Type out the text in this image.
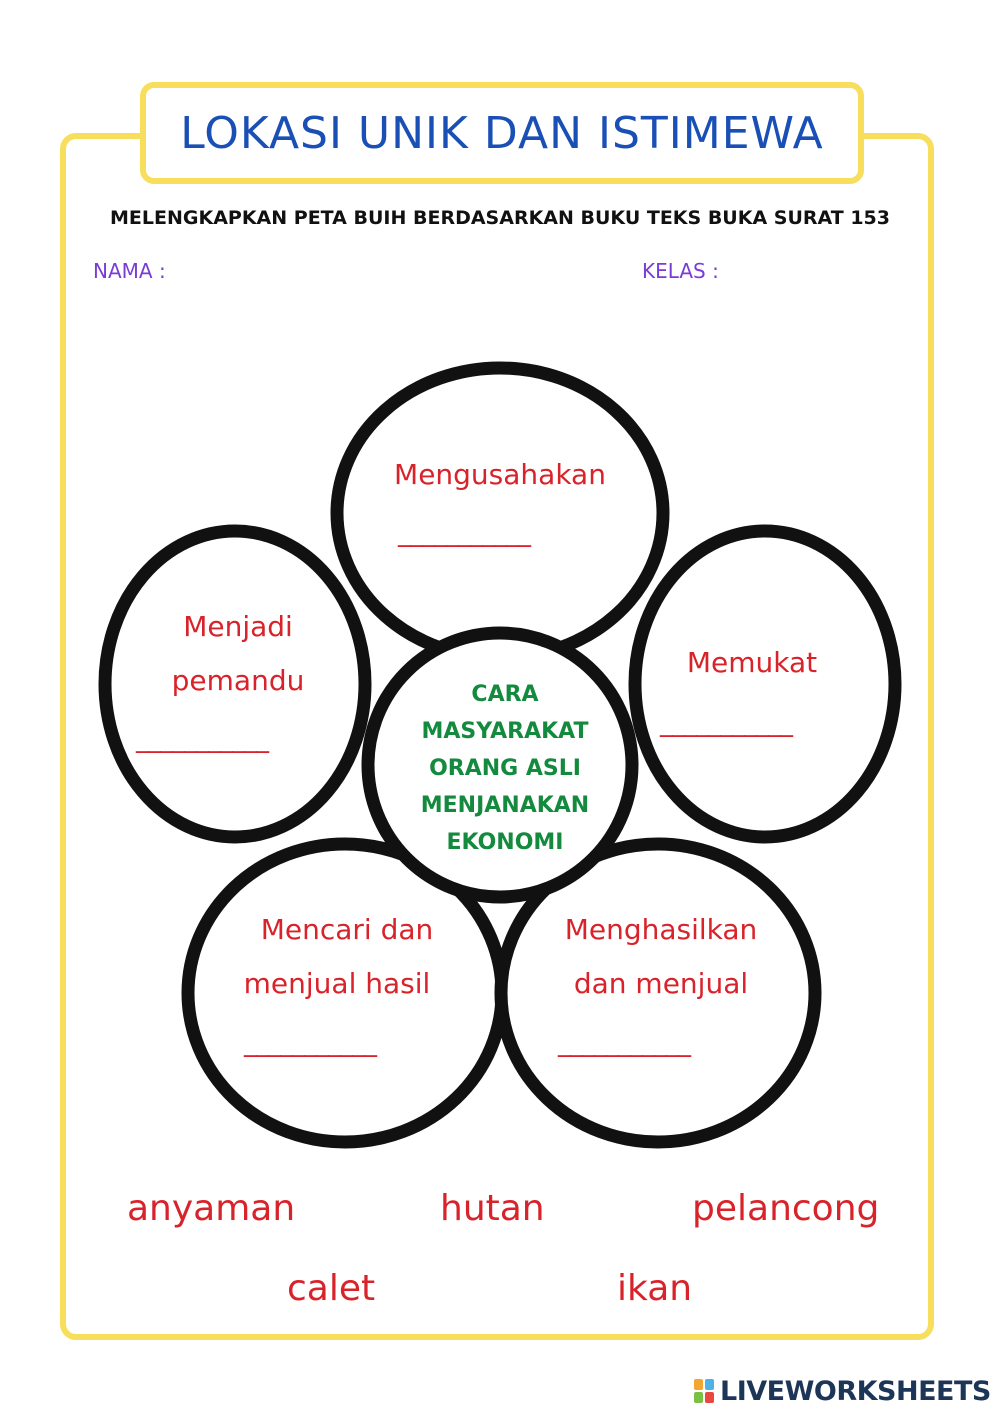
LOKASI UNIK DAN ISTIMEWA
MELENGKAPKAN PETA BUIH BERDASARKAN BUKU TEKS BUKA SURAT 153
NAMA :	KELAS :
Mengusahakan
___________
Memukat
___________
Menjadi
pemandu
___________
Mencari dan
menjual hasil
___________
Menghasilkan
dan menjual
___________
CARA
MASYARAKAT
ORANG ASLI
MENJANAKAN
EKONOMI
anyaman	hutan	pelancong
calet	ikan
LIVEWORKSHEETS
